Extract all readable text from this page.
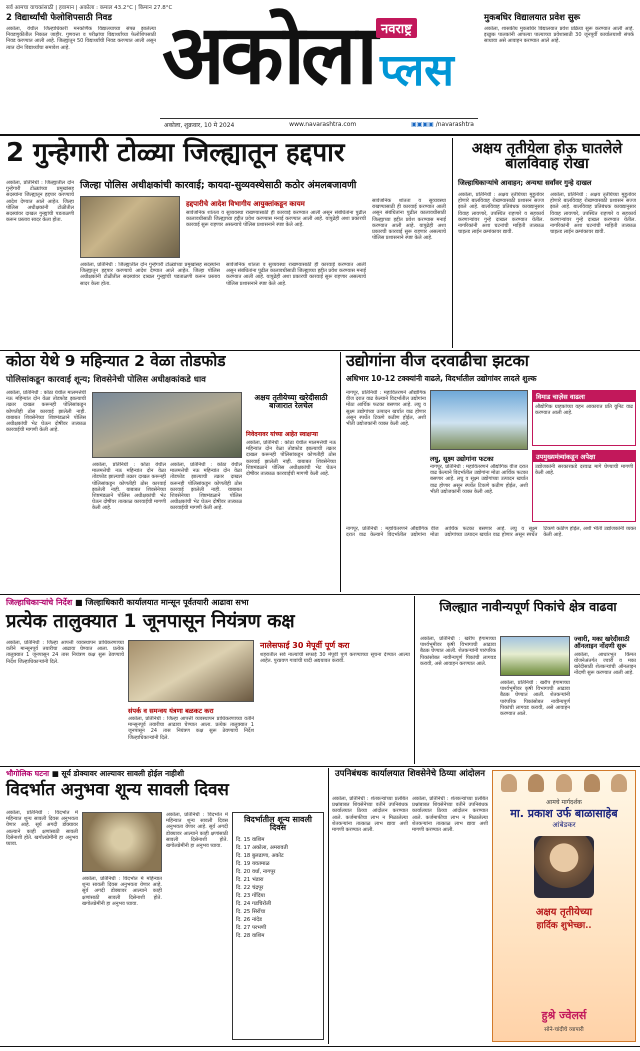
सर्व आमचा वाचकांसाठी | हवामान | अकोला : कमाल 43.2°C | किमान 27.8°C
2 विद्यार्थ्यांची फेलोशिपसाठी निवड
अकोला, येथील जिल्हाधिकारी मनकर्णिक विद्यालयाच्या संपन्न झालेल्या निवडणुकीतील निकाल जाहीर. गुणवत्ता व परीक्षांचा विद्यार्थ्यांच्या फेलोशिपसाठी निवड करण्यात आली आहे. जिल्ह्यातून 50 विद्यार्थ्यांची निवड करण्यात आली असून त्यात दोन विद्यार्थ्यांचा समावेश आहे.	अकोला नवराष्ट्र
प्लस
मुकबधिर विद्यालयात प्रवेश सुरू
अकोला, शासकीय मुकबधिर विद्यालयात प्रवेश प्रक्रिया सुरू करण्यात आली आहे. इच्छुक पालकांनी आपल्या पाल्याच्या प्रवेशासाठी 30 जूनपूर्वी कार्यालयाशी संपर्क साधावा असे आवाहन करण्यात आले आहे.
अकोला, शुक्रवार, 10 मे 2024	www.navarashtra.com	▣▣▣▣ /navarashtra
2 गुन्हेगारी टोळ्या जिल्ह्यातून हद्दपार
जिल्हा पोलिस अधीक्षकांची कारवाई; कायदा-सुव्यवस्थेसाठी कठोर अंमलबजावणी
अकोला, प्रतिनिधी : जिल्ह्यातील दोन गुन्हेगारी टोळ्यांच्या प्रमुखांसह सदस्यांना जिल्ह्यातून हद्दपार करण्याचे आदेश देण्यात आले आहेत. जिल्हा पोलिस अधीक्षकांनी टोळीतील सदस्यांवर दाखल गुन्ह्यांची पडताळणी करून प्रस्ताव सादर केला होता.
हद्दपारीचे आदेश विभागीय आयुक्तांकडून कायम
सार्वजनिक शांतता व सुव्यवस्था राखण्यासाठी ही कारवाई करण्यात आली असून संबंधितांना पुढील कालावधीसाठी जिल्ह्याच्या हद्दीत प्रवेश करण्यास मनाई करण्यात आली आहे. यापुढेही अशा प्रकारची कारवाई सुरू राहणार असल्याचे पोलिस प्रशासनाने स्पष्ट केले आहे.
अकोला, प्रतिनिधी : जिल्ह्यातील दोन गुन्हेगारी टोळ्यांच्या प्रमुखांसह सदस्यांना जिल्ह्यातून हद्दपार करण्याचे आदेश देण्यात आले आहेत. जिल्हा पोलिस अधीक्षकांनी टोळीतील सदस्यांवर दाखल गुन्ह्यांची पडताळणी करून प्रस्ताव सादर केला होता.
सार्वजनिक शांतता व सुव्यवस्था राखण्यासाठी ही कारवाई करण्यात आली असून संबंधितांना पुढील कालावधीसाठी जिल्ह्याच्या हद्दीत प्रवेश करण्यास मनाई करण्यात आली आहे. यापुढेही अशा प्रकारची कारवाई सुरू राहणार असल्याचे पोलिस प्रशासनाने स्पष्ट केले आहे.
सार्वजनिक शांतता व सुव्यवस्था राखण्यासाठी ही कारवाई करण्यात आली असून संबंधितांना पुढील कालावधीसाठी जिल्ह्याच्या हद्दीत प्रवेश करण्यास मनाई करण्यात आली आहे. यापुढेही अशा प्रकारची कारवाई सुरू राहणार असल्याचे पोलिस प्रशासनाने स्पष्ट केले आहे.
अक्षय तृतीयेला होऊ घातलेले बालविवाह रोखा
जिल्हाधिकाऱ्यांचे आवाहन; अन्यथा सर्वांवर गुन्हे दाखल
अकोला, प्रतिनिधी : अक्षय तृतीयेच्या मुहूर्तावर होणारे बालविवाह रोखण्यासाठी प्रशासन सज्ज झाले आहे. बालविवाह प्रतिबंधक कायद्यानुसार विवाह लावणारे, उपस्थित राहणारे व सहकार्य करणाऱ्यांवर गुन्हे दाखल करण्यात येतील. नागरिकांनी अशा घटनांची माहिती तात्काळ चाइल्ड लाईन क्रमांकावर द्यावी.
अकोला, प्रतिनिधी : अक्षय तृतीयेच्या मुहूर्तावर होणारे बालविवाह रोखण्यासाठी प्रशासन सज्ज झाले आहे. बालविवाह प्रतिबंधक कायद्यानुसार विवाह लावणारे, उपस्थित राहणारे व सहकार्य करणाऱ्यांवर गुन्हे दाखल करण्यात येतील. नागरिकांनी अशा घटनांची माहिती तात्काळ चाइल्ड लाईन क्रमांकावर द्यावी.
कोठा येथे 9 महिन्यात 2 वेळा तोडफोड
पोलिसांकडून कारवाई शून्य; शिवसेनेची पोलिस अधीक्षकांकडे धाव
अकोला, प्रतिनिधी : कोठा येथील मालमत्तेची नऊ महिन्यांत दोन वेळा तोडफोड झाल्याची तक्रार दाखल करूनही पोलिसांकडून कोणतीही ठोस कारवाई झालेली नाही. याबाबत शिवसेनेच्या शिष्टमंडळाने पोलिस अधीक्षकांची भेट घेऊन दोषींवर तात्काळ कारवाईची मागणी केली आहे.
अकोला, प्रतिनिधी : कोठा येथील मालमत्तेची नऊ महिन्यांत दोन वेळा तोडफोड झाल्याची तक्रार दाखल करूनही पोलिसांकडून कोणतीही ठोस कारवाई झालेली नाही. याबाबत शिवसेनेच्या शिष्टमंडळाने पोलिस अधीक्षकांची भेट घेऊन दोषींवर तात्काळ कारवाईची मागणी केली आहे.
अकोला, प्रतिनिधी : कोठा येथील मालमत्तेची नऊ महिन्यांत दोन वेळा तोडफोड झाल्याची तक्रार दाखल करूनही पोलिसांकडून कोणतीही ठोस कारवाई झालेली नाही. याबाबत शिवसेनेच्या शिष्टमंडळाने पोलिस अधीक्षकांची भेट घेऊन दोषींवर तात्काळ कारवाईची मागणी केली आहे.
निवेदनावर यांच्या आहेत स्वाक्षऱ्या
अकोला, प्रतिनिधी : कोठा येथील मालमत्तेची नऊ महिन्यांत दोन वेळा तोडफोड झाल्याची तक्रार दाखल करूनही पोलिसांकडून कोणतीही ठोस कारवाई झालेली नाही. याबाबत शिवसेनेच्या शिष्टमंडळाने पोलिस अधीक्षकांची भेट घेऊन दोषींवर तात्काळ कारवाईची मागणी केली आहे.
अक्षय तृतीयेच्या खरेदीसाठी बाजारात रेलचेल
उद्योगांना वीज दरवाढीचा झटका
अधिभार 10-12 टक्क्यांनी वाढले, विदर्भातील उद्योगांवर लादले शुल्क
नागपूर, प्रतिनिधी : महावितरणने औद्योगिक वीज दरात वाढ केल्याने विदर्भातील उद्योगांना मोठा आर्थिक फटका बसणार आहे. लघु व सूक्ष्म उद्योगांच्या उत्पादन खर्चात वाढ होणार असून स्पर्धेत टिकणे कठीण होईल, अशी भीती उद्योजकांनी व्यक्त केली आहे.
लघु, सूक्ष्म उद्योगांना फटका
नागपूर, प्रतिनिधी : महावितरणने औद्योगिक वीज दरात वाढ केल्याने विदर्भातील उद्योगांना मोठा आर्थिक फटका बसणार आहे. लघु व सूक्ष्म उद्योगांच्या उत्पादन खर्चात वाढ होणार असून स्पर्धेत टिकणे कठीण होईल, अशी भीती उद्योजकांनी व्यक्त केली आहे.
विमाड चाज़ेस वाढला
औद्योगिक ग्राहकांच्या वहन आकारात प्रति युनिट वाढ करण्यात आली आहे.
उपमुख्यमंत्र्यांकडून अपेक्षा
उद्योजकांनी सरकारकडे दरवाढ मागे घेण्याची मागणी केली आहे.
नागपूर, प्रतिनिधी : महावितरणने औद्योगिक वीज दरात वाढ केल्याने विदर्भातील उद्योगांना मोठा आर्थिक फटका बसणार आहे. लघु व सूक्ष्म उद्योगांच्या उत्पादन खर्चात वाढ होणार असून स्पर्धेत टिकणे कठीण होईल, अशी भीती उद्योजकांनी व्यक्त केली आहे.
जिल्हाधिकाऱ्यांचे निर्देश ■ जिल्हाधिकारी कार्यालयात मान्सून पूर्वतयारी आढावा सभा
प्रत्येक तालुक्यात 1 जूनपासून नियंत्रण कक्ष
अकोला, प्रतिनिधी : जिल्हा आपत्ती व्यवस्थापन प्राधिकरणाच्या वतीने मान्सूनपूर्व तयारीचा आढावा घेण्यात आला. प्रत्येक तालुक्यात 1 जूनपासून 24 तास नियंत्रण कक्ष सुरू ठेवण्याचे निर्देश जिल्हाधिकाऱ्यांनी दिले.
संपर्क व समन्वय यंत्रणा बळकट करा
अकोला, प्रतिनिधी : जिल्हा आपत्ती व्यवस्थापन प्राधिकरणाच्या वतीने मान्सूनपूर्व तयारीचा आढावा घेण्यात आला. प्रत्येक तालुक्यात 1 जूनपासून 24 तास नियंत्रण कक्ष सुरू ठेवण्याचे निर्देश जिल्हाधिकाऱ्यांनी दिले.
नालेसफाई 30 मेपूर्वी पूर्ण करा
शहरातील सर्व नाल्यांची सफाई 30 मेपूर्वी पूर्ण करण्याच्या सूचना देण्यात आल्या आहेत. पुरप्रवण गावांची यादी अद्ययावत करावी.
जिल्ह्यात नावीन्यपूर्ण पिकांचे क्षेत्र वाढवा
अकोला, प्रतिनिधी : खरीप हंगामाच्या पार्श्वभूमीवर कृषी विभागाची आढावा बैठक घेण्यात आली. शेतकऱ्यांनी पारंपरिक पिकांसोबत नावीन्यपूर्ण पिकांची लागवड करावी, असे आवाहन करण्यात आले.
अकोला, प्रतिनिधी : खरीप हंगामाच्या पार्श्वभूमीवर कृषी विभागाची आढावा बैठक घेण्यात आली. शेतकऱ्यांनी पारंपरिक पिकांसोबत नावीन्यपूर्ण पिकांची लागवड करावी, असे आवाहन करण्यात आले.
ज्वारी, मका खरेदीसाठी ऑनलाइन नोंदणी सुरू
अकोला, आधारभूत किंमत योजनेअंतर्गत ज्वारी व मका खरेदीसाठी शेतकऱ्यांची ऑनलाइन नोंदणी सुरू करण्यात आली आहे.
भौगोलिक घटना ■ सूर्य डोक्यावर आल्यावर सावली होईल नाहीशी
विदर्भात अनुभवा शून्य सावली दिवस
अकोला, प्रतिनिधी : विदर्भात मे महिन्यात शून्य सावली दिवस अनुभवता येणार आहे. सूर्य अगदी डोक्यावर आल्याने काही क्षणांसाठी सावली दिसेनाशी होते. खगोलप्रेमींनी हा अनुभव घ्यावा.
अकोला, प्रतिनिधी : विदर्भात मे महिन्यात शून्य सावली दिवस अनुभवता येणार आहे. सूर्य अगदी डोक्यावर आल्याने काही क्षणांसाठी सावली दिसेनाशी होते. खगोलप्रेमींनी हा अनुभव घ्यावा.
अकोला, प्रतिनिधी : विदर्भात मे महिन्यात शून्य सावली दिवस अनुभवता येणार आहे. सूर्य अगदी डोक्यावर आल्याने काही क्षणांसाठी सावली दिसेनाशी होते. खगोलप्रेमींनी हा अनुभव घ्यावा.
विदर्भातील शून्य सावली दिवस
दि. 15 वाशिम
दि. 17 अकोला, अमरावती
दि. 18 बुलढाणा, अकोट
दि. 19 यवतमाळ
दि. 20 वर्धा, नागपूर
दि. 21 भंडारा
दि. 22 चंद्रपूर
दि. 23 गोंदिया
दि. 24 गडचिरोली
दि. 25 सिरोंचा
दि. 26 नांदेड
दि. 27 परभणी
दि. 28 वाशिम
उपनिबंधक कार्यालयात शिवसेनेचे ठिय्या आंदोलन
अकोला, प्रतिनिधी : शेतकऱ्यांच्या प्रलंबित प्रश्नांबाबत शिवसेनेच्या वतीने उपनिबंधक कार्यालयात ठिय्या आंदोलन करण्यात आले. कर्जमाफीचा लाभ न मिळालेल्या शेतकऱ्यांना तात्काळ लाभ द्यावा अशी मागणी करण्यात आली.
अकोला, प्रतिनिधी : शेतकऱ्यांच्या प्रलंबित प्रश्नांबाबत शिवसेनेच्या वतीने उपनिबंधक कार्यालयात ठिय्या आंदोलन करण्यात आले. कर्जमाफीचा लाभ न मिळालेल्या शेतकऱ्यांना तात्काळ लाभ द्यावा अशी मागणी करण्यात आली.
आमचे मार्गदर्शक
मा. प्रकाश उर्फ बाळासाहेब
आंबेडकर
अक्षय तृतीयेच्या
हार्दिक शुभेच्छा..
हुश्रे ज्वेलर्स
सोने-चांदीचे व्यापारी
